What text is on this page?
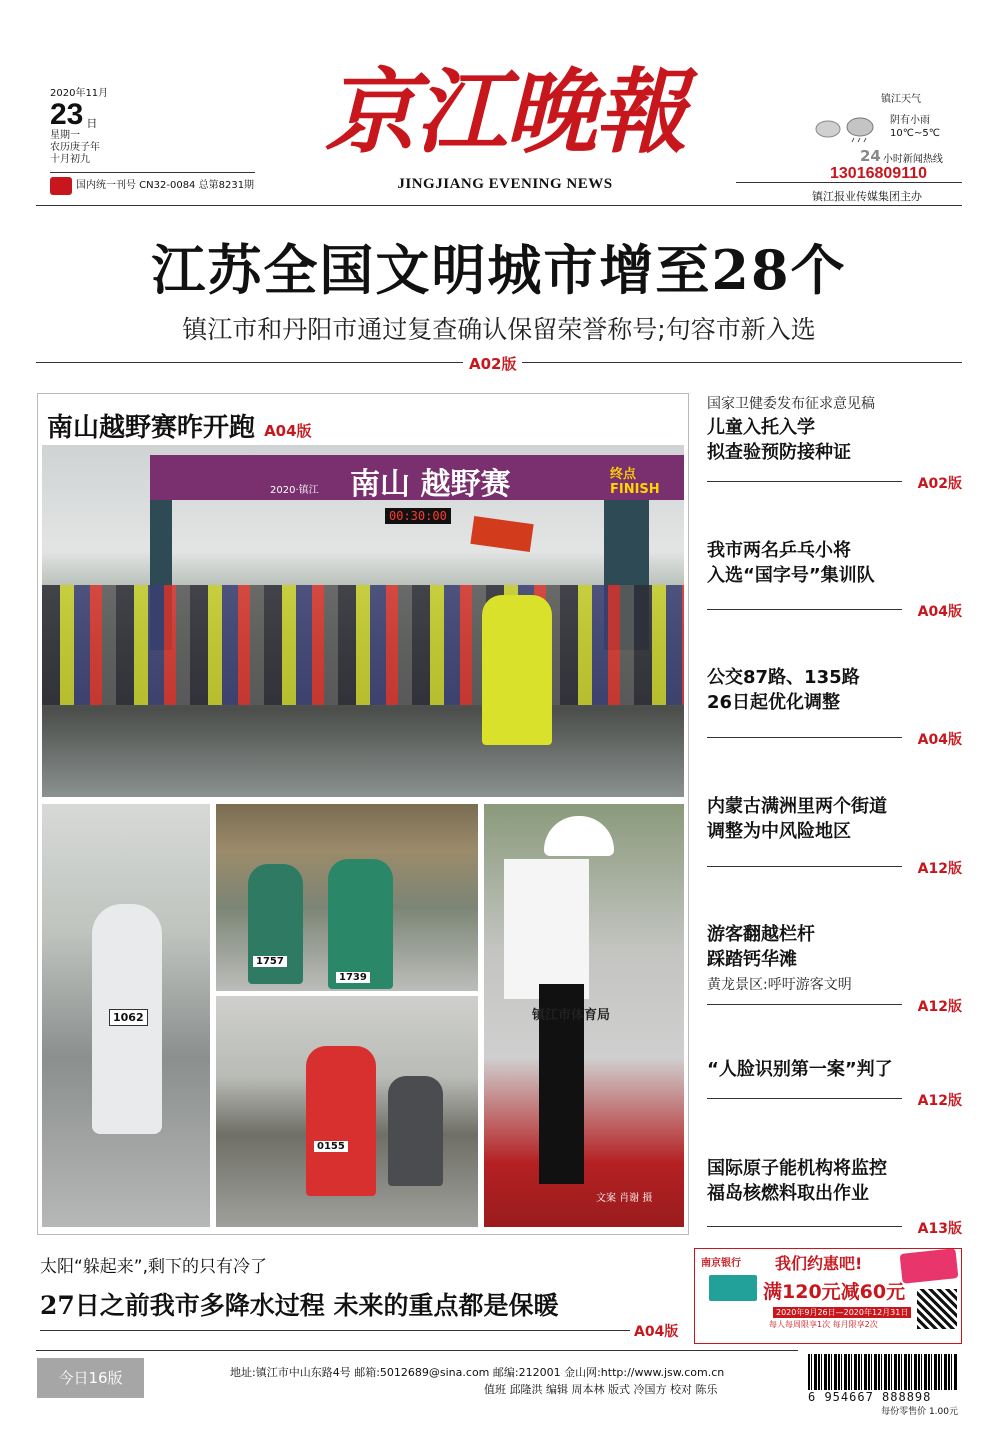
2020年11月
23 日
星期一
农历庚子年
十月初九
国内统一刊号 CN32-0084 总第8231期
京江晚報
JINGJIANG EVENING NEWS
镇江天气
阴有小雨
10℃~5℃
24 小时新闻热线
13016809110
镇江报业传媒集团主办
江苏全国文明城市增至28个
镇江市和丹阳市通过复查确认保留荣誉称号;句容市新入选
A02版
南山越野赛昨开跑 A04版
南山 越野赛
2020·镇江
终点 FINISH
00:30:00
1062
1757
1739
镇江市体育局
文案 肖谢 摄
0155
国家卫健委发布征求意见稿
儿童入托入学
拟查验预防接种证
A02版
我市两名乒乓小将
入选“国字号”集训队
A04版
公交87路、135路
26日起优化调整
A04版
内蒙古满洲里两个街道
调整为中风险地区
A12版
游客翻越栏杆
踩踏钙华滩
黄龙景区:呼吁游客文明
A12版
“人脸识别第一案”判了
A12版
国际原子能机构将监控
福岛核燃料取出作业
A13版
太阳“躲起来”,剩下的只有冷了
27日之前我市多降水过程 未来的重点都是保暖
A04版
南京银行 我们约惠吧!
满120元减60元
2020年9月26日—2020年12月31日
每人每周限享1次 每月限享2次
今日16版	地址:镇江市中山东路4号 邮箱:5012689@sina.com 邮编:212001 金山网:http://www.jsw.com.cn
值班 邱隆洪 编辑 周本林 版式 冷国方 校对 陈乐
6 954667 888898
每份零售价 1.00元
